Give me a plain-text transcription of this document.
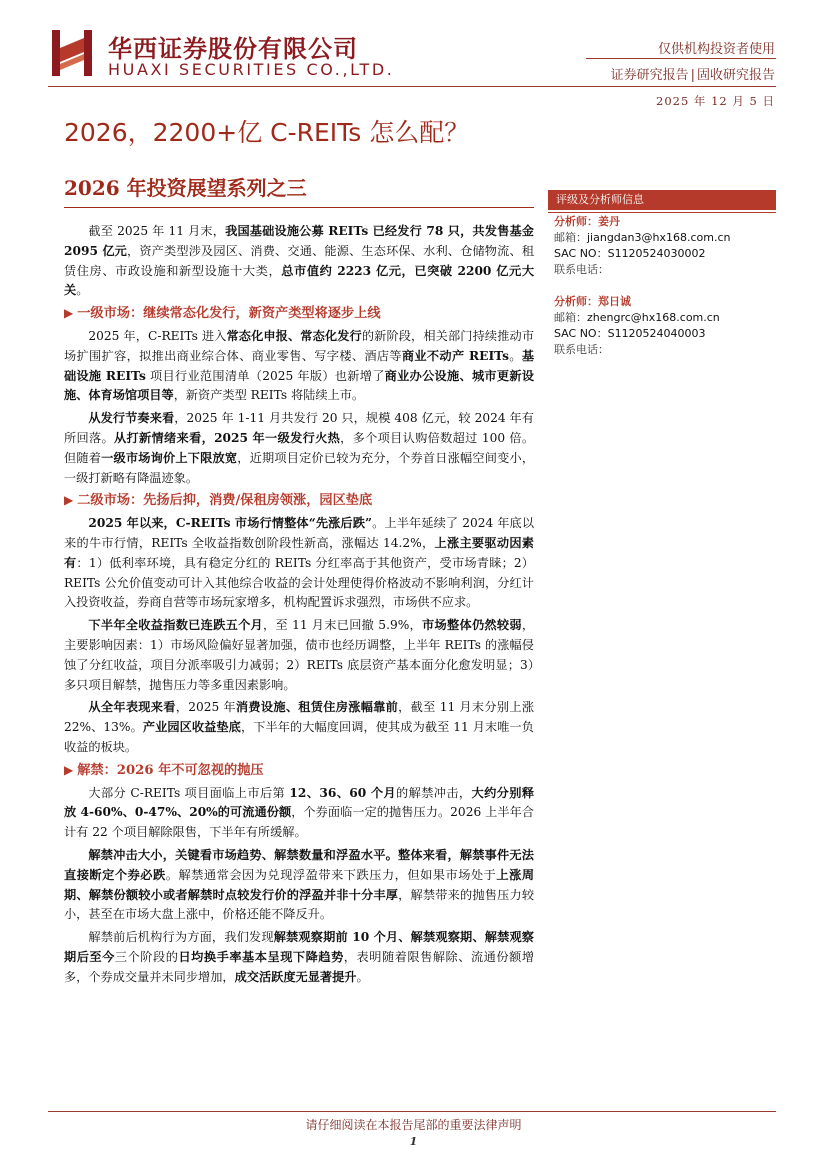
华西证券股份有限公司
HUAXI SECURITIES CO.,LTD.
仅供机构投资者使用
证券研究报告 | 固收研究报告
2025 年 12 月 5 日
2026，2200+亿 C-REITs 怎么配？
2026 年投资展望系列之三	评级及分析师信息
分析师：姜丹
邮箱：jiangdan3@hx168.com.cn
SAC NO：S1120524030002
联系电话：
分析师：郑日诚
邮箱：zhengrc@hx168.com.cn
SAC NO：S1120524040003
联系电话：

截至 2025 年 11 月末，我国基础设施公募 REITs 已经发行 78 只，共发售基金 2095 亿元，资产类型涉及园区、消费、交通、能源、生态环保、水利、仓储物流、租赁住房、市政设施和新型设施十大类，总市值约 2223 亿元，已突破 2200 亿元大关。

▶ 一级市场：继续常态化发行，新资产类型将逐步上线

2025 年，C-REITs 进入常态化申报、常态化发行的新阶段，相关部门持续推动市场扩围扩容，拟推出商业综合体、商业零售、写字楼、酒店等商业不动产 REITs。基础设施 REITs 项目行业范围清单（2025 年版）也新增了商业办公设施、城市更新设施、体育场馆项目等，新资产类型 REITs 将陆续上市。

从发行节奏来看，2025 年 1-11 月共发行 20 只，规模 408 亿元，较 2024 年有所回落。从打新情绪来看，2025 年一级发行火热，多个项目认购倍数超过 100 倍。但随着一级市场询价上下限放宽，近期项目定价已较为充分，个券首日涨幅空间变小，一级打新略有降温迹象。

▶ 二级市场：先扬后抑，消费/保租房领涨，园区垫底

2025 年以来，C-REITs 市场行情整体“先涨后跌”。上半年延续了 2024 年底以来的牛市行情，REITs 全收益指数创阶段性新高，涨幅达 14.2%，上涨主要驱动因素有：1）低利率环境，具有稳定分红的 REITs 分红率高于其他资产，受市场青睐；2）REITs 公允价值变动可计入其他综合收益的会计处理使得价格波动不影响利润，分红计入投资收益，券商自营等市场玩家增多，机构配置诉求强烈，市场供不应求。

下半年全收益指数已连跌五个月，至 11 月末已回撤 5.9%，市场整体仍然较弱，主要影响因素：1）市场风险偏好显著加强，债市也经历调整，上半年 REITs 的涨幅侵蚀了分红收益，项目分派率吸引力减弱；2）REITs 底层资产基本面分化愈发明显；3）多只项目解禁，抛售压力等多重因素影响。

从全年表现来看，2025 年消费设施、租赁住房涨幅靠前，截至 11 月末分别上涨 22%、13%。产业园区收益垫底，下半年的大幅度回调，使其成为截至 11 月末唯一负收益的板块。

▶ 解禁：2026 年不可忽视的抛压

大部分 C-REITs 项目面临上市后第 12、36、60 个月的解禁冲击，大约分别释放 4-60%、0-47%、20%的可流通份额，个券面临一定的抛售压力。2026 上半年合计有 22 个项目解除限售，下半年有所缓解。

解禁冲击大小，关键看市场趋势、解禁数量和浮盈水平。整体来看，解禁事件无法直接断定个券必跌。解禁通常会因为兑现浮盈带来下跌压力，但如果市场处于上涨周期、解禁份额较小或者解禁时点较发行价的浮盈并非十分丰厚，解禁带来的抛售压力较小，甚至在市场大盘上涨中，价格还能不降反升。

解禁前后机构行为方面，我们发现解禁观察期前 10 个月、解禁观察期、解禁观察期后至今三个阶段的日均换手率基本呈现下降趋势，表明随着限售解除、流通份额增多，个券成交量并未同步增加，成交活跃度无显著提升。

请仔细阅读在本报告尾部的重要法律声明
1
